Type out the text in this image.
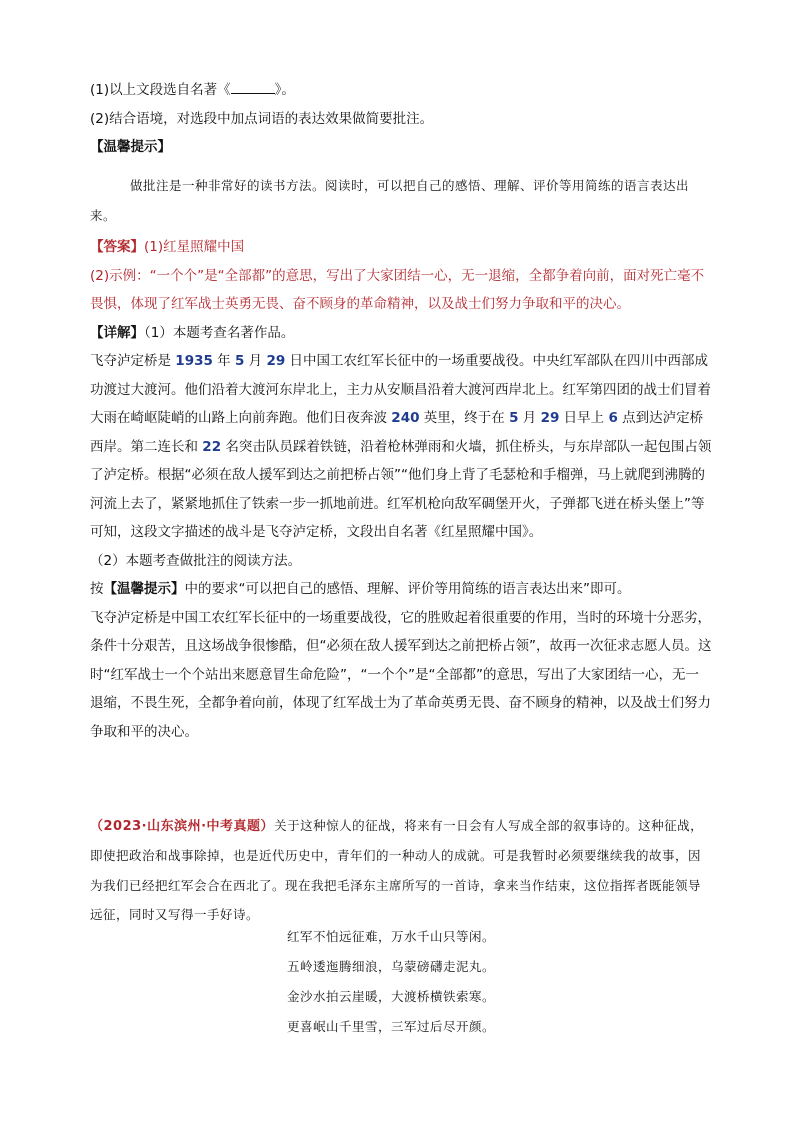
(1)以上文段选自名著《	》。

(2)结合语境，对选段中加点词语的表达效果做简要批注。

【温馨提示】

做批注是一种非常好的读书方法。阅读时，可以把自己的感悟、理解、评价等用简练的语言表达出来。

【答案】(1)红星照耀中国

(2)示例：“一个个”是“全部都”的意思，写出了大家团结一心，无一退缩，全都争着向前，面对死亡毫不畏惧，体现了红军战士英勇无畏、奋不顾身的革命精神，以及战士们努力争取和平的决心。

【详解】（1）本题考查名著作品。

飞夺泸定桥是 1935 年 5 月 29 日中国工农红军长征中的一场重要战役。中央红军部队在四川中西部成功渡过大渡河。他们沿着大渡河东岸北上，主力从安顺昌沿着大渡河西岸北上。红军第四团的战士们冒着大雨在崎岖陡峭的山路上向前奔跑。他们日夜奔波 240 英里，终于在 5 月 29 日早上 6 点到达泸定桥西岸。第二连长和 22 名突击队员踩着铁链，沿着枪林弹雨和火墙，抓住桥头，与东岸部队一起包围占领了泸定桥。根据“必须在敌人援军到达之前把桥占领”“他们身上背了毛瑟枪和手榴弹，马上就爬到沸腾的河流上去了，紧紧地抓住了铁索一步一抓地前进。红军机枪向敌军碉堡开火，子弹都飞迸在桥头堡上”等可知，这段文字描述的战斗是飞夺泸定桥，文段出自名著《红星照耀中国》。

（2）本题考查做批注的阅读方法。

按【温馨提示】中的要求“可以把自己的感悟、理解、评价等用简练的语言表达出来”即可。

飞夺泸定桥是中国工农红军长征中的一场重要战役，它的胜败起着很重要的作用，当时的环境十分恶劣，条件十分艰苦，且这场战争很惨酷，但“必须在敌人援军到达之前把桥占领”，故再一次征求志愿人员。这时“红军战士一个个站出来愿意冒生命危险”，“一个个”是“全部都”的意思，写出了大家团结一心，无一退缩，不畏生死，全都争着向前，体现了红军战士为了革命英勇无畏、奋不顾身的精神，以及战士们努力争取和平的决心。

（2023·山东滨州·中考真题）关于这种惊人的征战，将来有一日会有人写成全部的叙事诗的。这种征战，即使把政治和战事除掉，也是近代历史中，青年们的一种动人的成就。可是我暂时必须要继续我的故事，因为我们已经把红军会合在西北了。现在我把毛泽东主席所写的一首诗，拿来当作结束，这位指挥者既能领导远征，同时又写得一手好诗。

红军不怕远征难，万水千山只等闲。

五岭逶迤腾细浪，乌蒙磅礴走泥丸。

金沙水拍云崖暖，大渡桥横铁索寒。

更喜岷山千里雪，三军过后尽开颜。
